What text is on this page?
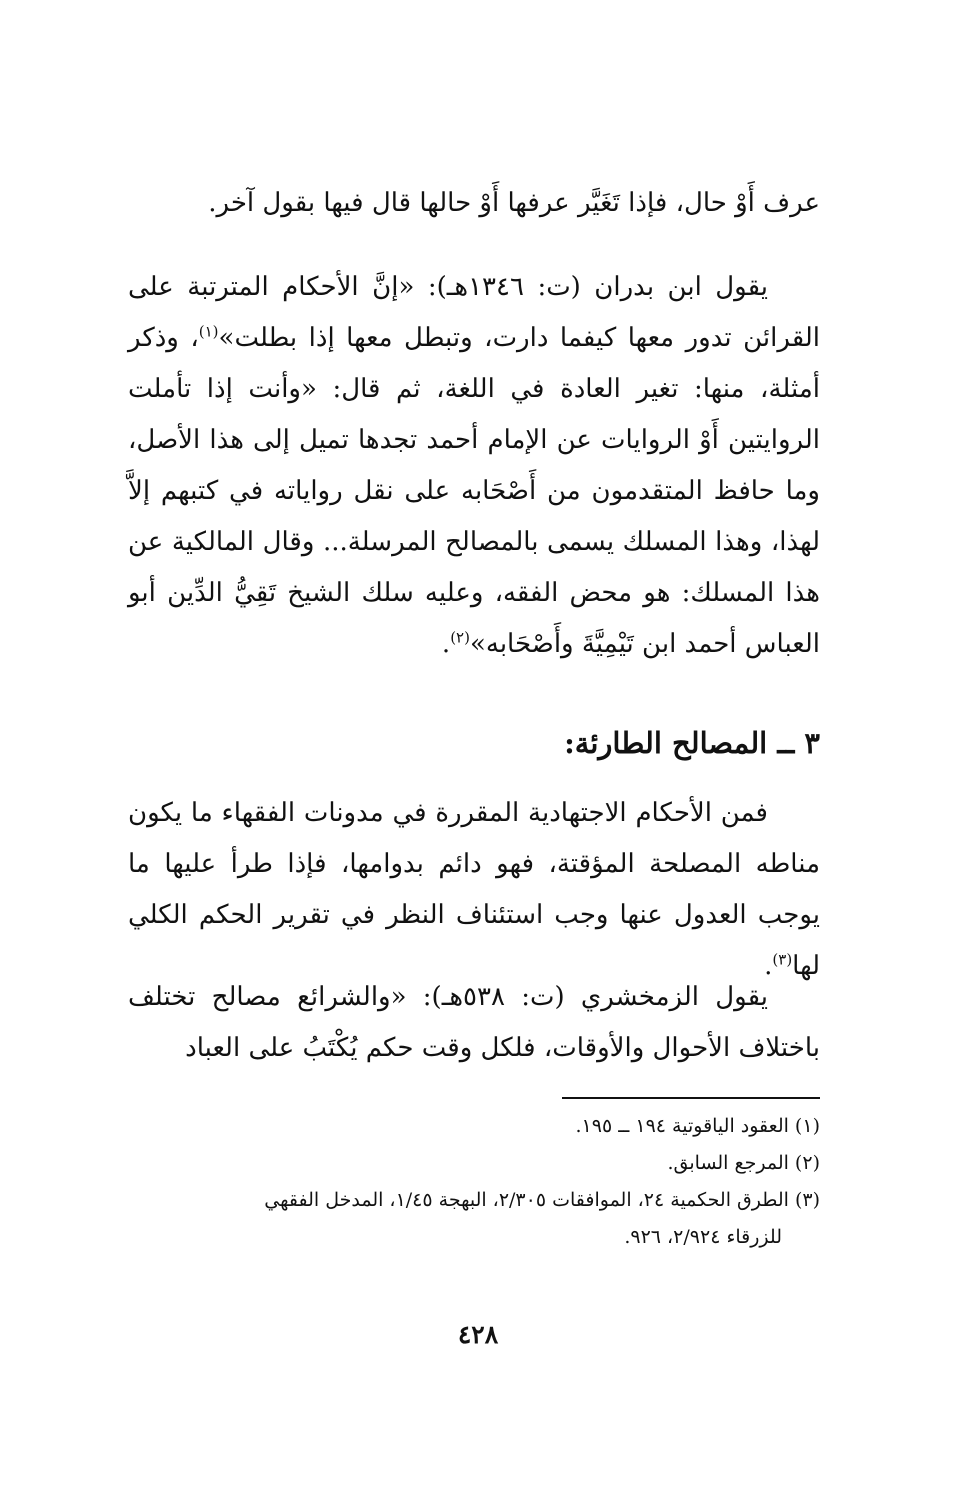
عرف أَوْ حال، فإذا تَغَيَّر عرفها أَوْ حالها قال فيها بقول آخر.
يقول ابن بدران (ت: ١٣٤٦هـ): «إنَّ الأحكام المترتبة على القرائن تدور معها كيفما دارت، وتبطل معها إذا بطلت»$^{(١)}$، وذكر أمثلة، منها: تغير العادة في اللغة، ثم قال: «وأنت إذا تأملت الروايتين أَوْ الروايات عن الإمام أحمد تجدها تميل إلى هذا الأصل، وما حافظ المتقدمون من أَصْحَابه على نقل رواياته في كتبهم إلاَّ لهذا، وهذا المسلك يسمى بالمصالح المرسلة... وقال المالكية عن هذا المسلك: هو محض الفقه، وعليه سلك الشيخ تَقِيُّ الدِّين أبو العباس أحمد ابن تَيْمِيَّةَ وأَصْحَابه»$^{(٢)}$.
٣ ــ المصالح الطارئة:
فمن الأحكام الاجتهادية المقررة في مدونات الفقهاء ما يكون مناطه المصلحة المؤقتة، فهو دائم بدوامها، فإذا طرأ عليها ما يوجب العدول عنها وجب استئناف النظر في تقرير الحكم الكلي لها$^{(٣)}$.
يقول الزمخشري (ت: ٥٣٨هـ): «والشرائع مصالح تختلف باختلاف الأحوال والأوقات، فلكل وقت حكم يُكْتَبُ على العباد
(١) العقود الياقوتية ١٩٤ ــ ١٩٥.
(٢) المرجع السابق.
(٣) الطرق الحكمية ٢٤، الموافقات ٢/٣٠٥، البهجة ١/٤٥، المدخل الفقهي
للزرقاء ٢/٩٢٤، ٩٢٦.
٤٢٨
